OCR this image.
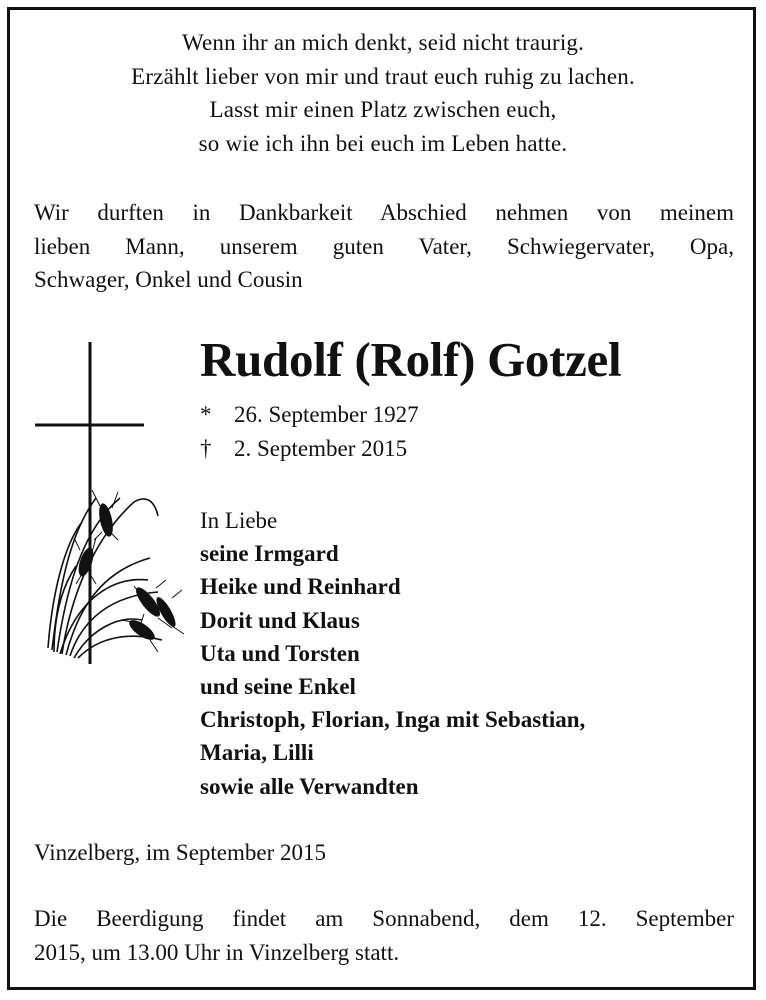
Wenn ihr an mich denkt, seid nicht traurig.
Erzählt lieber von mir und traut euch ruhig zu lachen.
Lasst mir einen Platz zwischen euch,
so wie ich ihn bei euch im Leben hatte.
Wir durften in Dankbarkeit Abschied nehmen von meinem
lieben Mann, unserem guten Vater, Schwiegervater, Opa,
Schwager, Onkel und Cousin
Rudolf (Rolf) Gotzel
* 26. September 1927
† 2. September 2015
In Liebe
seine Irmgard
Heike und Reinhard
Dorit und Klaus
Uta und Torsten
und seine Enkel
Christoph, Florian, Inga mit Sebastian,
Maria, Lilli
sowie alle Verwandten
Vinzelberg, im September 2015
Die Beerdigung findet am Sonnabend, dem 12. September
2015, um 13.00 Uhr in Vinzelberg statt.
